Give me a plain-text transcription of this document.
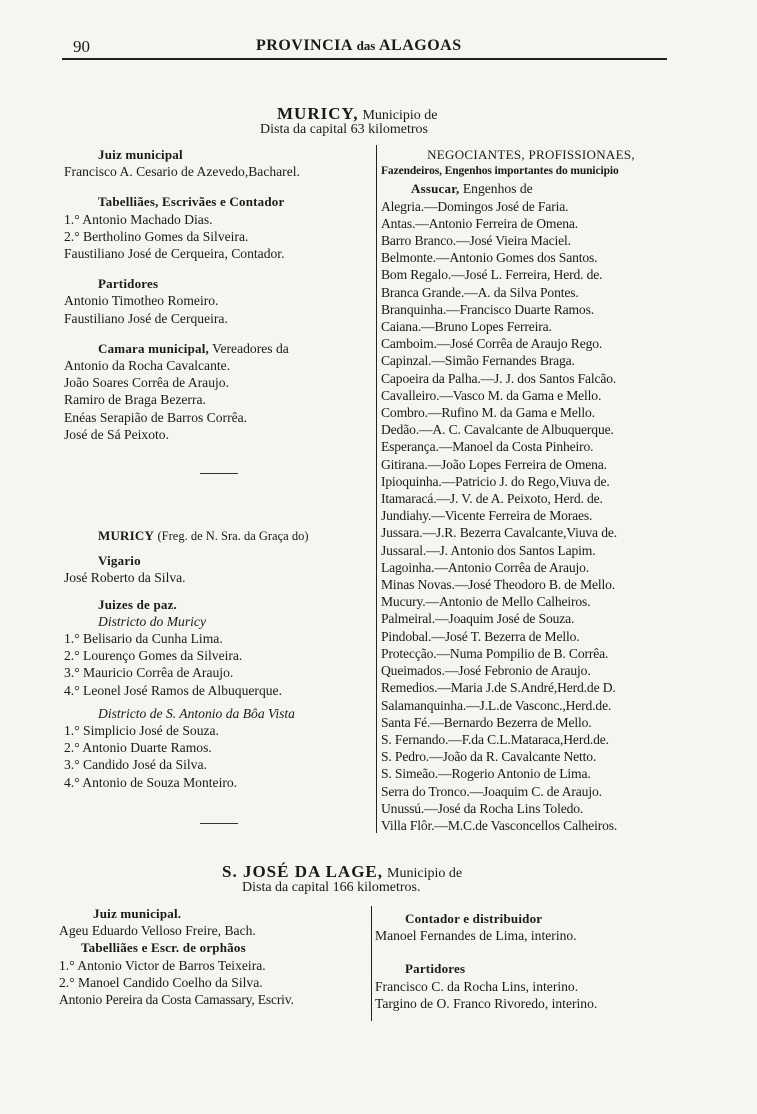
90	PROVINCIA das ALAGOAS
MURICY, Municipio de
Dista da capital 63 kilometros
Juiz municipal
Francisco A. Cesario de Azevedo,Bacharel.
Tabelliães, Escrivães e Contador
1.° Antonio Machado Dias.
2.° Bertholino Gomes da Silveira.
Faustiliano José de Cerqueira, Contador.
Partidores
Antonio Timotheo Romeiro.
Faustiliano José de Cerqueira.
Camara municipal, Vereadores da
Antonio da Rocha Cavalcante.
João Soares Corrêa de Araujo.
Ramiro de Braga Bezerra.
Enéas Serapião de Barros Corrêa.
José de Sá Peixoto.
MURICY (Freg. de N. Sra. da Graça do)
Vigario
José Roberto da Silva.
Juizes de paz.
Districto do Muricy
1.° Belisario da Cunha Lima.
2.° Lourenço Gomes da Silveira.
3.° Mauricio Corrêa de Araujo.
4.° Leonel José Ramos de Albuquerque.
Districto de S. Antonio da Bôa Vista
1.° Simplicio José de Souza.
2.° Antonio Duarte Ramos.
3.° Candido José da Silva.
4.° Antonio de Souza Monteiro.
NEGOCIANTES, PROFISSIONAES,
Fazendeiros, Engenhos importantes do municipio
Assucar, Engenhos de
Alegria.—Domingos José de Faria.
Antas.—Antonio Ferreira de Omena.
Barro Branco.—José Vieira Maciel.
Belmonte.—Antonio Gomes dos Santos.
Bom Regalo.—José L. Ferreira, Herd. de.
Branca Grande.—A. da Silva Pontes.
Branquinha.—Francisco Duarte Ramos.
Caiana.—Bruno Lopes Ferreira.
Camboim.—José Corrêa de Araujo Rego.
Capinzal.—Simão Fernandes Braga.
Capoeira da Palha.—J. J. dos Santos Falcão.
Cavalleiro.—Vasco M. da Gama e Mello.
Combro.—Rufino M. da Gama e Mello.
Dedão.—A. C. Cavalcante de Albuquerque.
Esperança.—Manoel da Costa Pinheiro.
Gitirana.—João Lopes Ferreira de Omena.
Ipioquinha.—Patricio J. do Rego,Viuva de.
Itamaracá.—J. V. de A. Peixoto, Herd. de.
Jundiahy.—Vicente Ferreira de Moraes.
Jussara.—J.R. Bezerra Cavalcante,Viuva de.
Jussaral.—J. Antonio dos Santos Lapim.
Lagoinha.—Antonio Corrêa de Araujo.
Minas Novas.—José Theodoro B. de Mello.
Mucury.—Antonio de Mello Calheiros.
Palmeiral.—Joaquim José de Souza.
Pindobal.—José T. Bezerra de Mello.
Protecção.—Numa Pompilio de B. Corrêa.
Queimados.—José Febronio de Araujo.
Remedios.—Maria J.de S.André,Herd.de D.
Salamanquinha.—J.L.de Vasconc.,Herd.de.
Santa Fé.—Bernardo Bezerra de Mello.
S. Fernando.—F.da C.L.Mataraca,Herd.de.
S. Pedro.—João da R. Cavalcante Netto.
S. Simeão.—Rogerio Antonio de Lima.
Serra do Tronco.—Joaquim C. de Araujo.
Unussú.—José da Rocha Lins Toledo.
Villa Flôr.—M.C.de Vasconcellos Calheiros.
S. JOSÉ DA LAGE, Municipio de
Dista da capital 166 kilometros.
Juiz municipal.
Ageu Eduardo Velloso Freire, Bach.
Tabelliães e Escr. de orphãos
1.° Antonio Victor de Barros Teixeira.
2.° Manoel Candido Coelho da Silva.
Antonio Pereira da Costa Camassary, Escriv.
Contador e distribuidor
Manoel Fernandes de Lima, interino.
Partidores
Francisco C. da Rocha Lins, interino.
Targino de O. Franco Rivoredo, interino.
